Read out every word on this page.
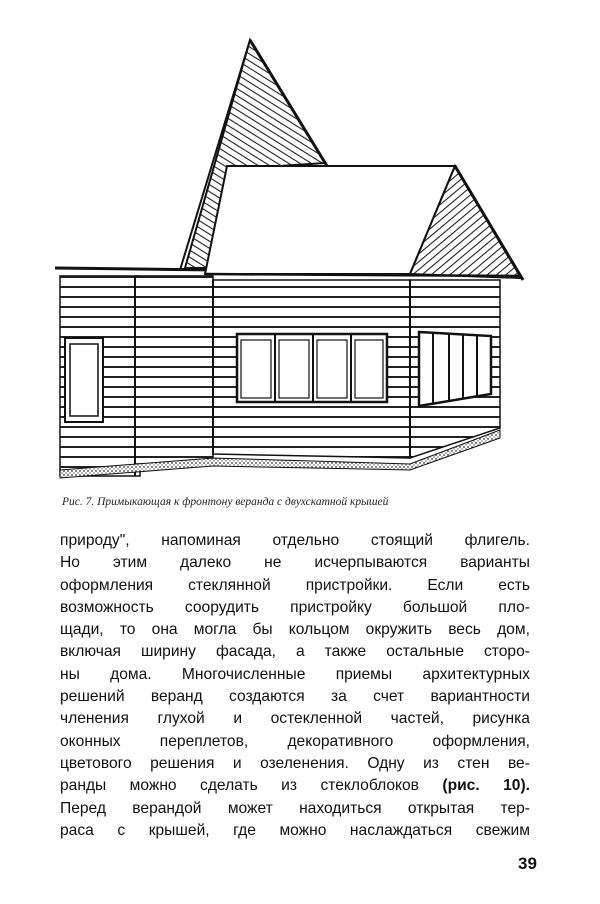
Рис. 7. Примыкающая к фронтону веранда с двухскатной крышей
природу", напоминая отдельно стоящий флигель.
Но этим далеко не исчерпываются варианты
оформления стеклянной пристройки. Если есть
возможность соорудить пристройку большой пло-
щади, то она могла бы кольцом окружить весь дом,
включая ширину фасада, а также остальные сторо-
ны дома. Многочисленные приемы архитектурных
решений веранд создаются за счет вариантности
членения глухой и остекленной частей, рисунка
оконных	переплетов,	декоративного	оформления,
цветового решения и озеленения. Одну из стен ве-
ранды можно сделать из стеклоблоков (рис. 10).
Перед верандой может находиться открытая тер-
раса с крышей, где можно наслаждаться свежим
39
